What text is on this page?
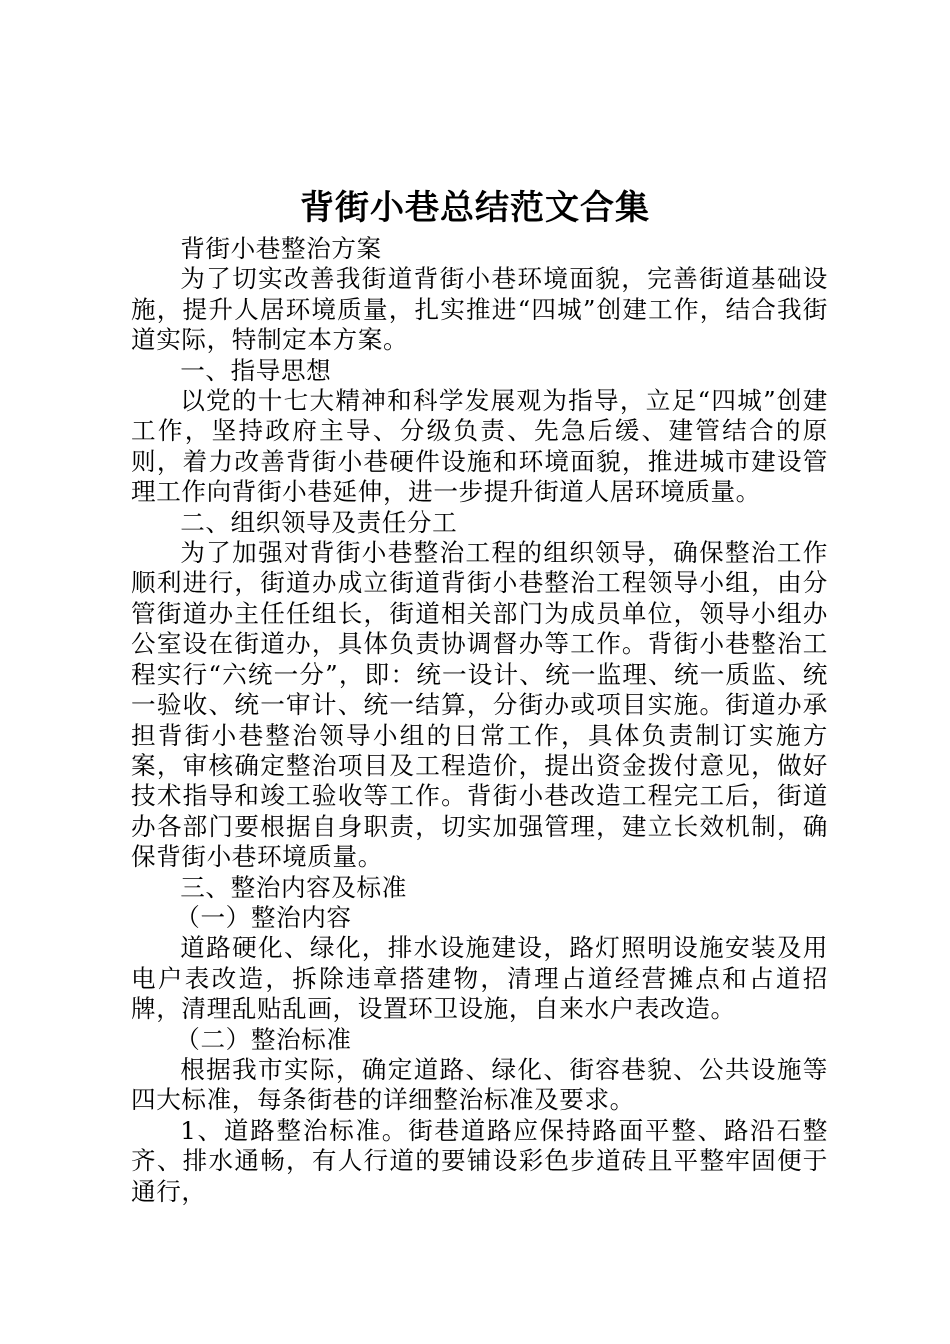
背街小巷总结范文合集

背街小巷整治方案

为了切实改善我街道背街小巷环境面貌，完善街道基础设施，提升人居环境质量，扎实推进“四城”创建工作，结合我街道实际，特制定本方案。

一、指导思想

以党的十七大精神和科学发展观为指导，立足“四城”创建工作，坚持政府主导、分级负责、先急后缓、建管结合的原则，着力改善背街小巷硬件设施和环境面貌，推进城市建设管理工作向背街小巷延伸，进一步提升街道人居环境质量。

二、组织领导及责任分工

为了加强对背街小巷整治工程的组织领导，确保整治工作顺利进行，街道办成立街道背街小巷整治工程领导小组，由分管街道办主任任组长，街道相关部门为成员单位，领导小组办公室设在街道办，具体负责协调督办等工作。背街小巷整治工程实行“六统一分”，即：统一设计、统一监理、统一质监、统一验收、统一审计、统一结算，分街办或项目实施。街道办承担背街小巷整治领导小组的日常工作，具体负责制订实施方案，审核确定整治项目及工程造价，提出资金拨付意见，做好技术指导和竣工验收等工作。背街小巷改造工程完工后，街道办各部门要根据自身职责，切实加强管理，建立长效机制，确保背街小巷环境质量。

三、整治内容及标准

（一）整治内容

道路硬化、绿化，排水设施建设，路灯照明设施安装及用电户表改造，拆除违章搭建物，清理占道经营摊点和占道招牌，清理乱贴乱画，设置环卫设施，自来水户表改造。

（二）整治标准

根据我市实际，确定道路、绿化、街容巷貌、公共设施等四大标准，每条街巷的详细整治标准及要求。

1、道路整治标准。街巷道路应保持路面平整、路沿石整齐、排水通畅，有人行道的要铺设彩色步道砖且平整牢固便于通行，
